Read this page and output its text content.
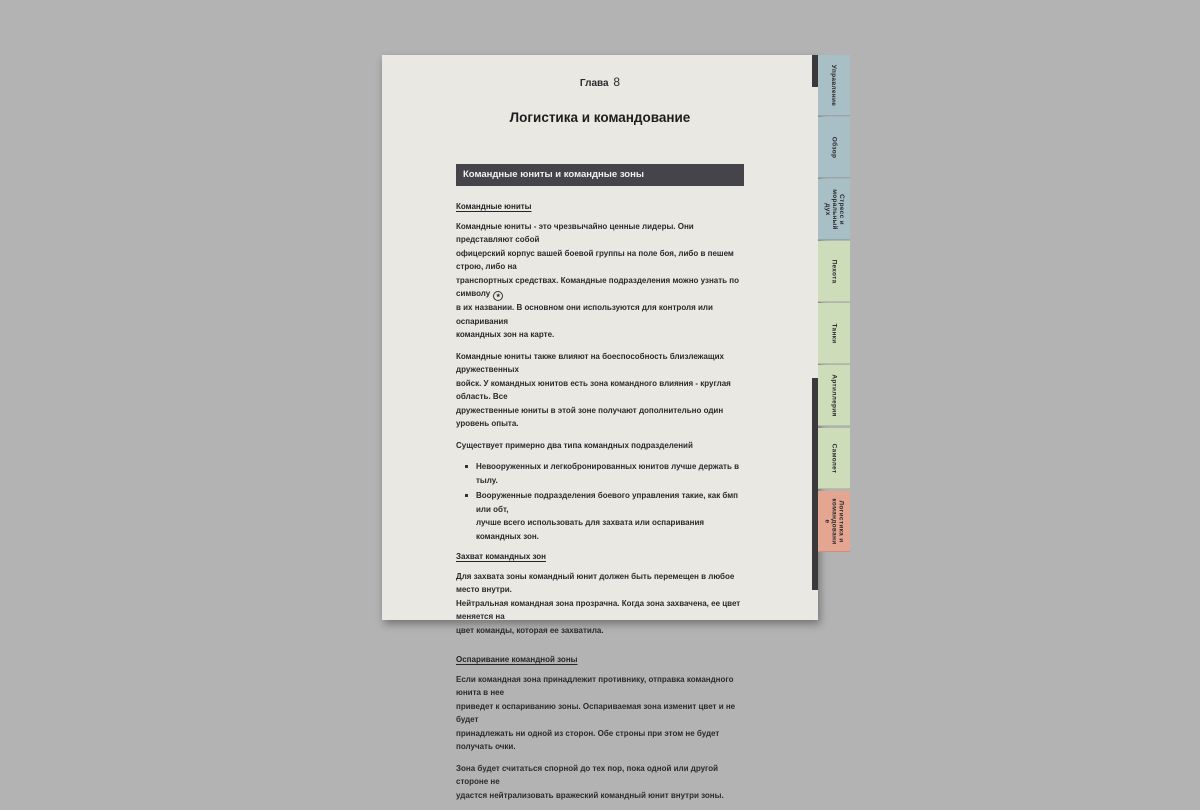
Глава 8
Логистика и командование
Командные юниты и командные зоны
Командные юниты

Командные юниты - это чрезвычайно ценные лидеры. Они представляют собой
офицерский корпус вашей боевой группы на поле боя, либо в пешем строю, либо на
транспортных средствах. Командные подразделения можно узнать по символу ★
в их названии. В основном они используются для контроля или оспаривания
командных зон на карте.

Командные юниты также влияют на боеспособность близлежащих дружественных
войск. У командных юнитов есть зона командного влияния - круглая область. Все
дружественные юниты в этой зоне получают дополнительно один уровень опыта.

Существует примерно два типа командных подразделений

Невооруженных и легкобронированных юнитов лучше держать в тылу.
Вооруженные подразделения боевого управления такие, как бмп или обт,
лучше всего использовать для захвата или оспаривания командных зон.
Захват командных зон

Для захвата зоны командный юнит должен быть перемещен в любое место внутри.
Нейтральная командная зона прозрачна. Когда зона захвачена, ее цвет меняется на
цвет команды, которая ее захватила.

Оспаривание командной зоны

Если командная зона принадлежит противнику, отправка командного юнита в нее
приведет к оспариванию зоны. Оспариваемая зона изменит цвет и не будет
принадлежать ни одной из сторон. Обе строны при этом не будет получать очки.

Зона будет считаться спорной до тех пор, пока одной или другой стороне не
удастся нейтрализовать вражеский командный юнит внутри зоны.

Управление
Обзор
Стресс и
моральный
дух
Пехота
Танки
Артиллерия
Самолет
Логистика и
командовани
е
